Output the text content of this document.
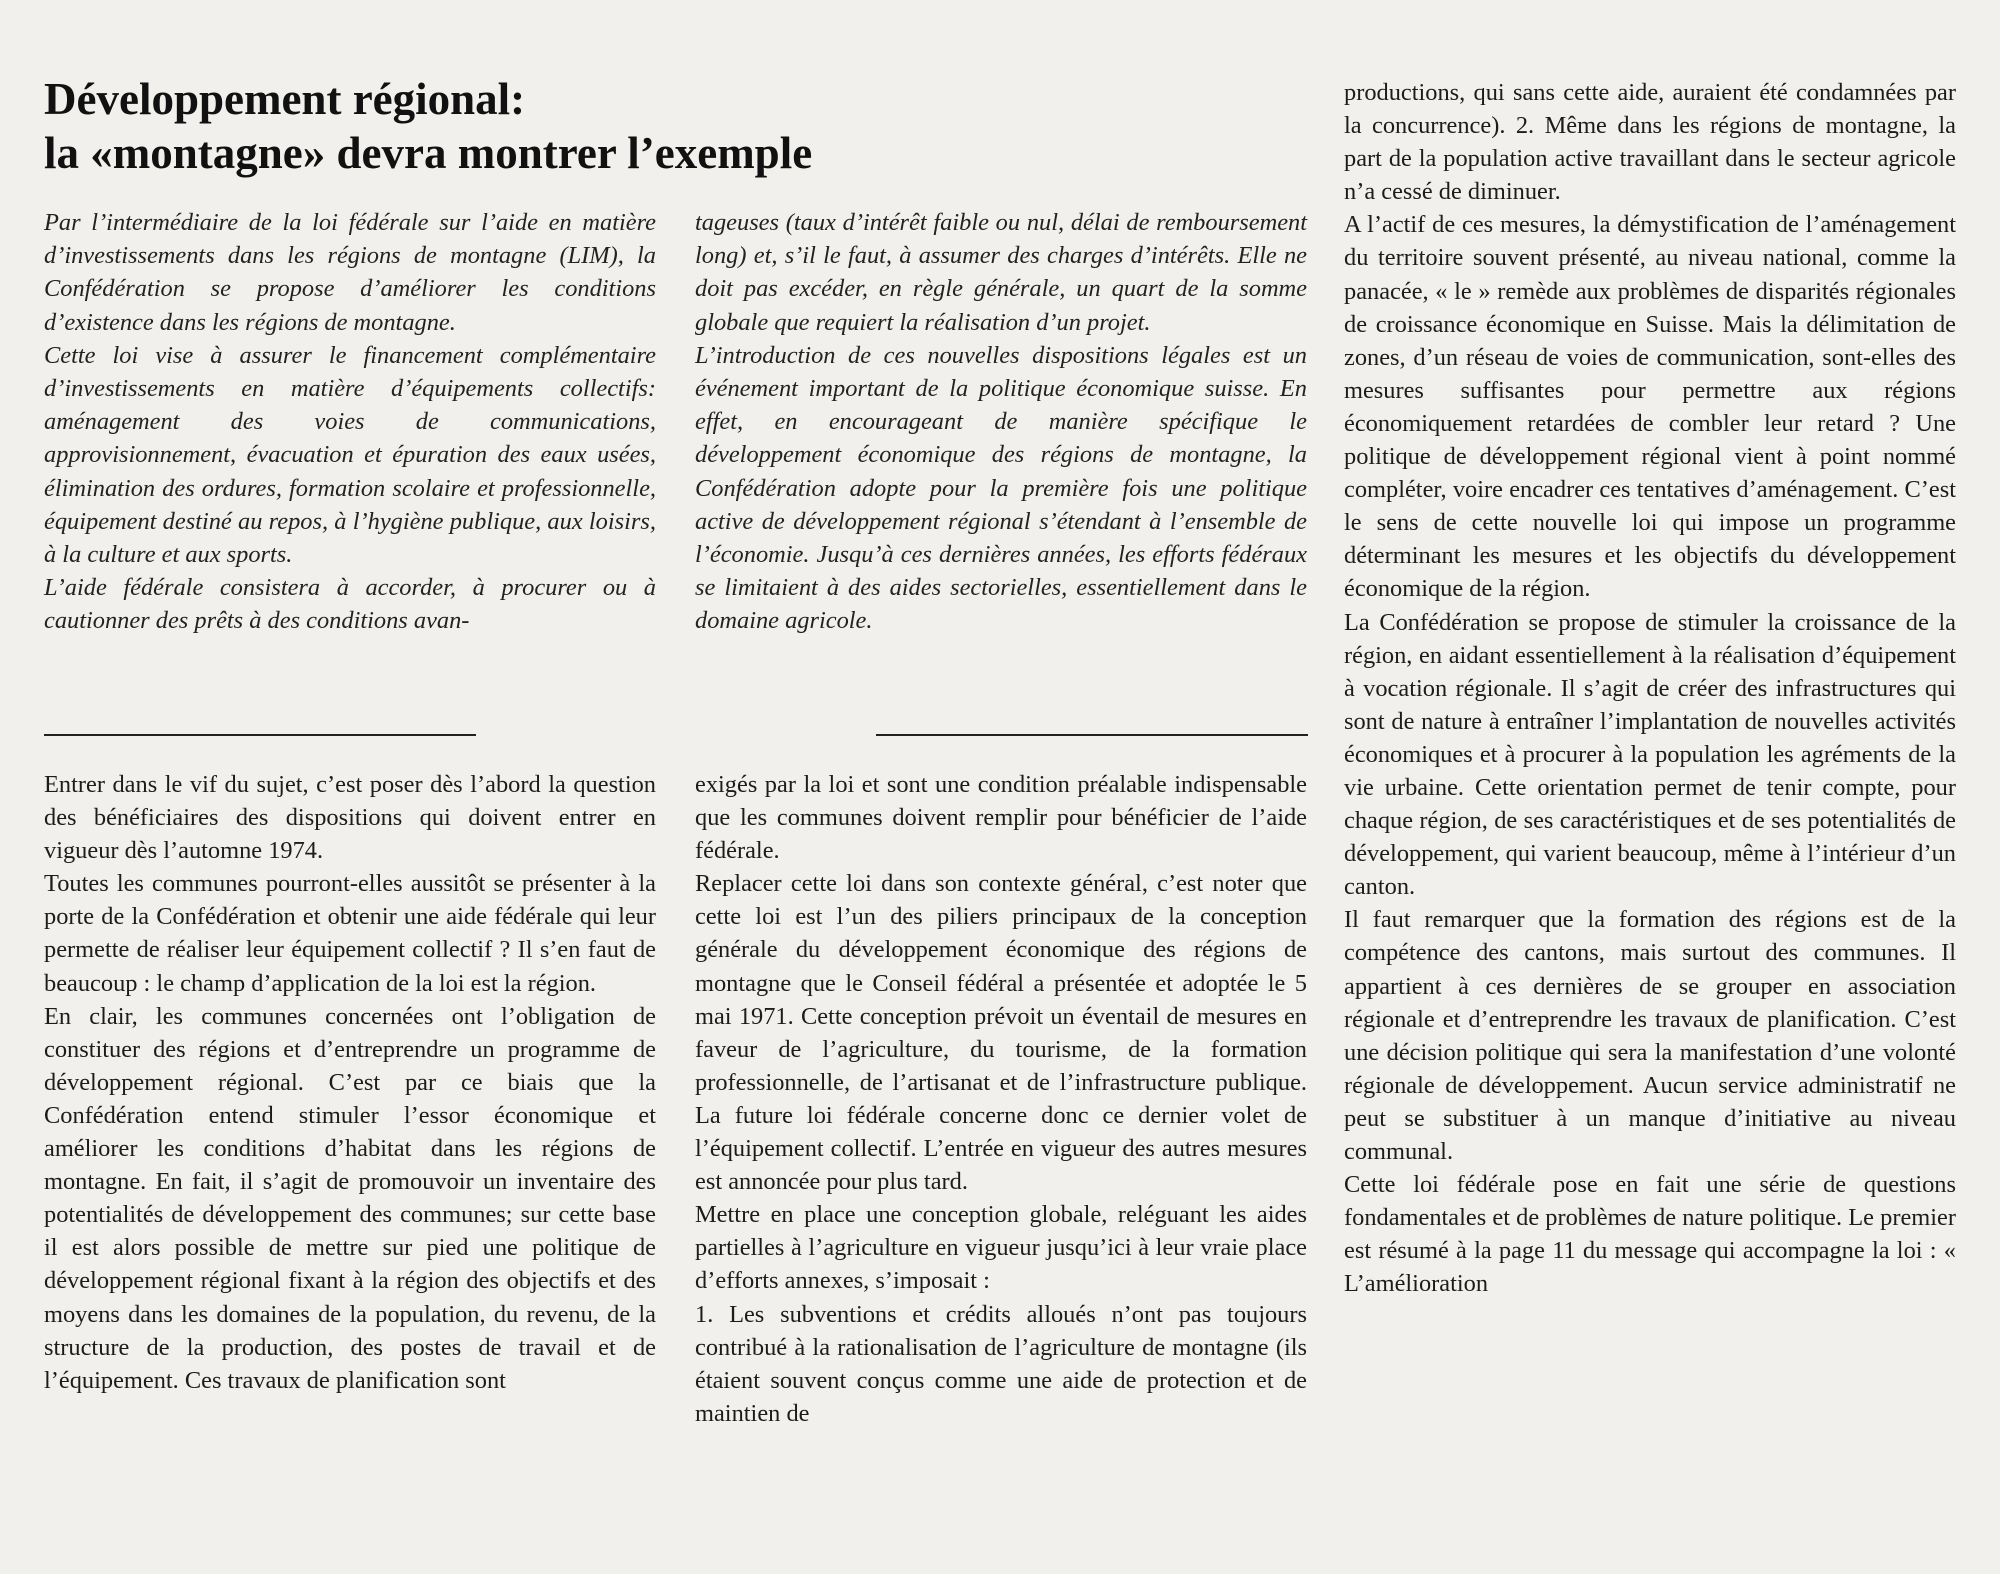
Développement régional:
la «montagne» devra montrer l’exemple

Par l’intermédiaire de la loi fédérale sur l’aide en matière d’investissements dans les régions de montagne (LIM), la Confédération se propose d’améliorer les conditions d’existence dans les régions de montagne.

Cette loi vise à assurer le financement complémentaire d’investissements en matière d’équipements collectifs: aménagement des voies de communications, approvisionnement, évacuation et épuration des eaux usées, élimination des ordures, formation scolaire et professionnelle, équipement destiné au repos, à l’hygiène publique, aux loisirs, à la culture et aux sports.

L’aide fédérale consistera à accorder, à procurer ou à cautionner des prêts à des conditions avan-

tageuses (taux d’intérêt faible ou nul, délai de remboursement long) et, s’il le faut, à assumer des charges d’intérêts. Elle ne doit pas excéder, en règle générale, un quart de la somme globale que requiert la réalisation d’un projet.

L’introduction de ces nouvelles dispositions légales est un événement important de la politique économique suisse. En effet, en encourageant de manière spécifique le développement économique des régions de montagne, la Confédération adopte pour la première fois une politique active de développement régional s’étendant à l’ensemble de l’économie. Jusqu’à ces dernières années, les efforts fédéraux se limitaient à des aides sectorielles, essentiellement dans le domaine agricole.

Entrer dans le vif du sujet, c’est poser dès l’abord la question des bénéficiaires des dispositions qui doivent entrer en vigueur dès l’automne 1974.

Toutes les communes pourront-elles aussitôt se présenter à la porte de la Confédération et obtenir une aide fédérale qui leur permette de réaliser leur équipement collectif ? Il s’en faut de beaucoup : le champ d’application de la loi est la région.

En clair, les communes concernées ont l’obligation de constituer des régions et d’entreprendre un programme de développement régional. C’est par ce biais que la Confédération entend stimuler l’essor économique et améliorer les conditions d’habitat dans les régions de montagne. En fait, il s’agit de promouvoir un inventaire des potentialités de développement des communes; sur cette base il est alors possible de mettre sur pied une politique de développement régional fixant à la région des objectifs et des moyens dans les domaines de la population, du revenu, de la structure de la production, des postes de travail et de l’équipement. Ces travaux de planification sont

exigés par la loi et sont une condition préalable indispensable que les communes doivent remplir pour bénéficier de l’aide fédérale.

Replacer cette loi dans son contexte général, c’est noter que cette loi est l’un des piliers principaux de la conception générale du développement économique des régions de montagne que le Conseil fédéral a présentée et adoptée le 5 mai 1971. Cette conception prévoit un éventail de mesures en faveur de l’agriculture, du tourisme, de la formation professionnelle, de l’artisanat et de l’infrastructure publique. La future loi fédérale concerne donc ce dernier volet de l’équipement collectif. L’entrée en vigueur des autres mesures est annoncée pour plus tard.

Mettre en place une conception globale, reléguant les aides partielles à l’agriculture en vigueur jusqu’ici à leur vraie place d’efforts annexes, s’imposait :

1. Les subventions et crédits alloués n’ont pas toujours contribué à la rationalisation de l’agriculture de montagne (ils étaient souvent conçus comme une aide de protection et de maintien de

productions, qui sans cette aide, auraient été condamnées par la concurrence). 2. Même dans les régions de montagne, la part de la population active travaillant dans le secteur agricole n’a cessé de diminuer.

A l’actif de ces mesures, la démystification de l’aménagement du territoire souvent présenté, au niveau national, comme la panacée, « le » remède aux problèmes de disparités régionales de croissance économique en Suisse. Mais la délimitation de zones, d’un réseau de voies de communication, sont-elles des mesures suffisantes pour permettre aux régions économiquement retardées de combler leur retard ? Une politique de développement régional vient à point nommé compléter, voire encadrer ces tentatives d’aménagement. C’est le sens de cette nouvelle loi qui impose un programme déterminant les mesures et les objectifs du développement économique de la région.

La Confédération se propose de stimuler la croissance de la région, en aidant essentiellement à la réalisation d’équipement à vocation régionale. Il s’agit de créer des infrastructures qui sont de nature à entraîner l’implantation de nouvelles activités économiques et à procurer à la population les agréments de la vie urbaine. Cette orientation permet de tenir compte, pour chaque région, de ses caractéristiques et de ses potentialités de développement, qui varient beaucoup, même à l’intérieur d’un canton.

Il faut remarquer que la formation des régions est de la compétence des cantons, mais surtout des communes. Il appartient à ces dernières de se grouper en association régionale et d’entreprendre les travaux de planification. C’est une décision politique qui sera la manifestation d’une volonté régionale de développement. Aucun service administratif ne peut se substituer à un manque d’initiative au niveau communal.

Cette loi fédérale pose en fait une série de questions fondamentales et de problèmes de nature politique. Le premier est résumé à la page 11 du message qui accompagne la loi : « L’amélioration
